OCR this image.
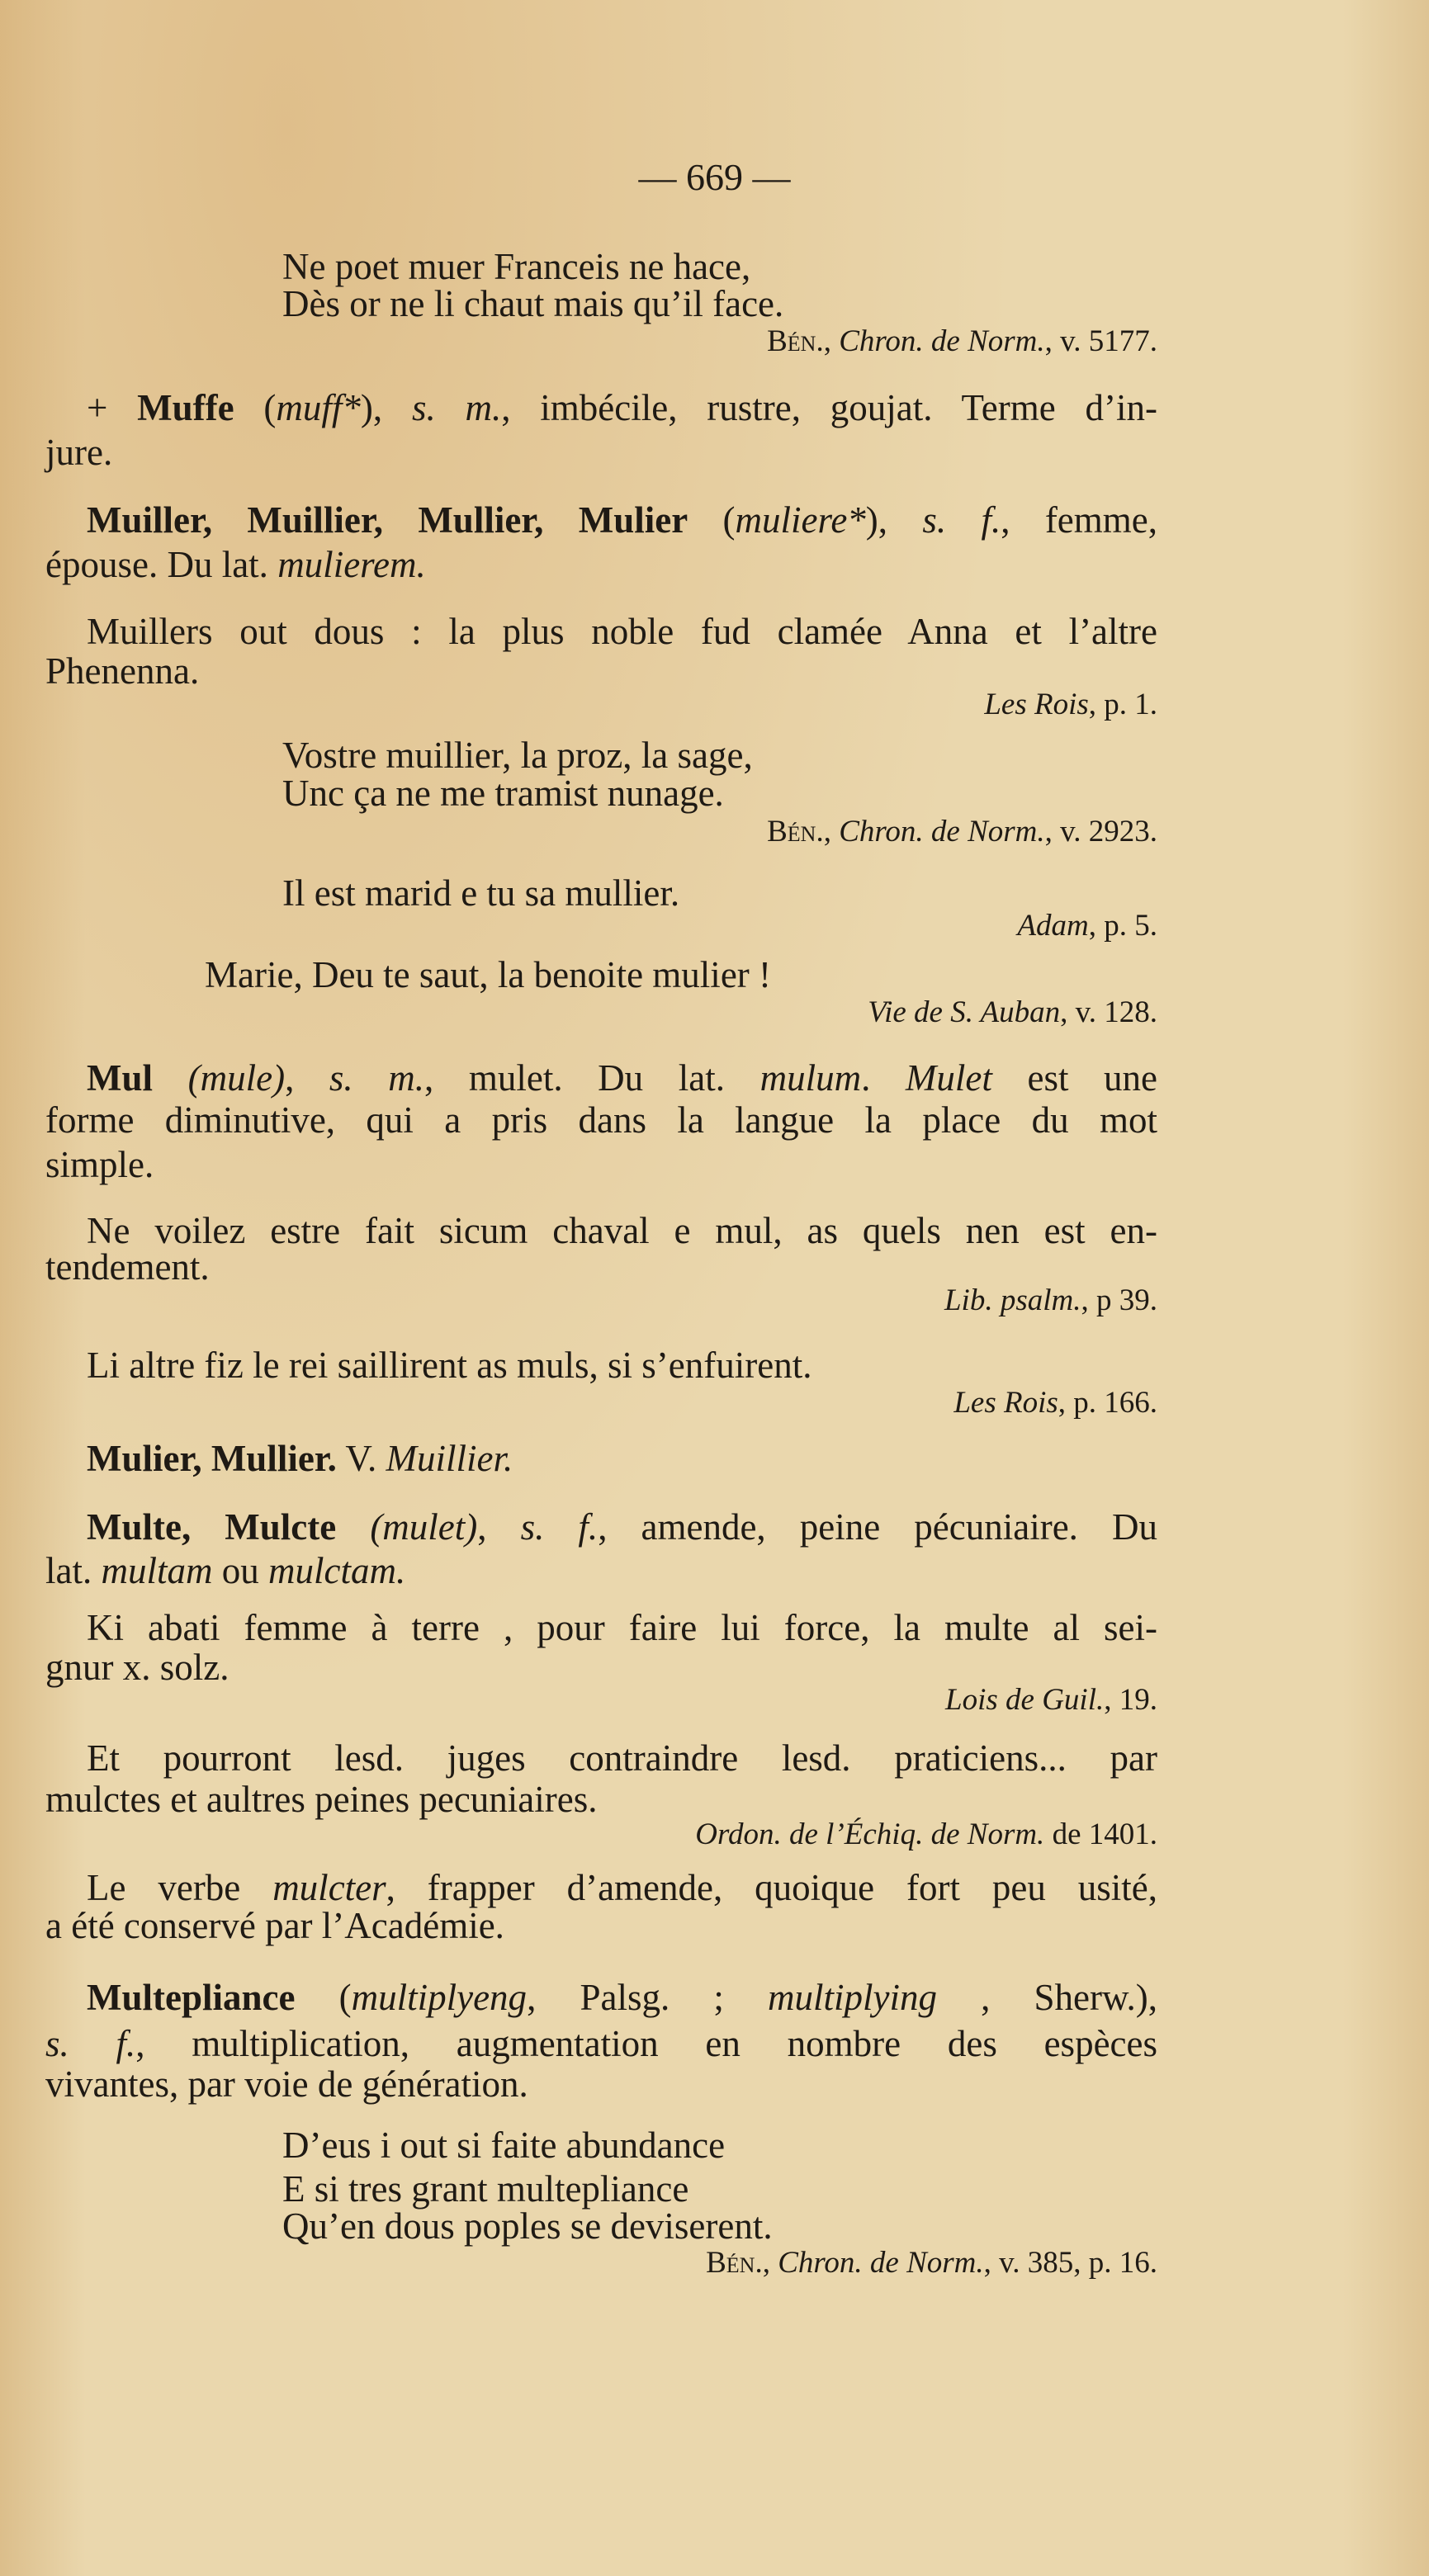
— 669 —
Ne poet muer Franceis ne hace,
Dès or ne li chaut mais qu’il face.
Bén., Chron. de Norm., v. 5177.
+ Muffe (muff*), s. m., imbécile, rustre, goujat. Terme d’in-
jure.
Muiller, Muillier, Mullier, Mulier (muliere*), s. f., femme,
épouse. Du lat. mulierem.
Muillers out dous : la plus noble fud clamée Anna et l’altre
Phenenna.
Les Rois, p. 1.
Vostre muillier, la proz, la sage,
Unc ça ne me tramist nunage.
Bén., Chron. de Norm., v. 2923.
Il est marid e tu sa mullier.
Adam, p. 5.
Marie, Deu te saut, la benoite mulier !
Vie de S. Auban, v. 128.
Mul (mule), s. m., mulet. Du lat. mulum. Mulet est une
forme diminutive, qui a pris dans la langue la place du mot
simple.
Ne voilez estre fait sicum chaval e mul, as quels nen est en-
tendement.
Lib. psalm., p 39.
Li altre fiz le rei saillirent as muls, si s’enfuirent.
Les Rois, p. 166.
Mulier, Mullier. V. Muillier.
Multe, Mulcte (mulet), s. f., amende, peine pécuniaire. Du
lat. multam ou mulctam.
Ki abati femme à terre , pour faire lui force, la multe al sei-
gnur x. solz.
Lois de Guil., 19.
Et pourront lesd. juges contraindre lesd. praticiens... par
mulctes et aultres peines pecuniaires.
Ordon. de l’Échiq. de Norm. de 1401.
Le verbe mulcter, frapper d’amende, quoique fort peu usité,
a été conservé par l’Académie.
Multepliance (multiplyeng, Palsg. ; multiplying , Sherw.),
s. f., multiplication, augmentation en nombre des espèces
vivantes, par voie de génération.
D’eus i out si faite abundance
E si tres grant multepliance
Qu’en dous poples se deviserent.
Bén., Chron. de Norm., v. 385, p. 16.
